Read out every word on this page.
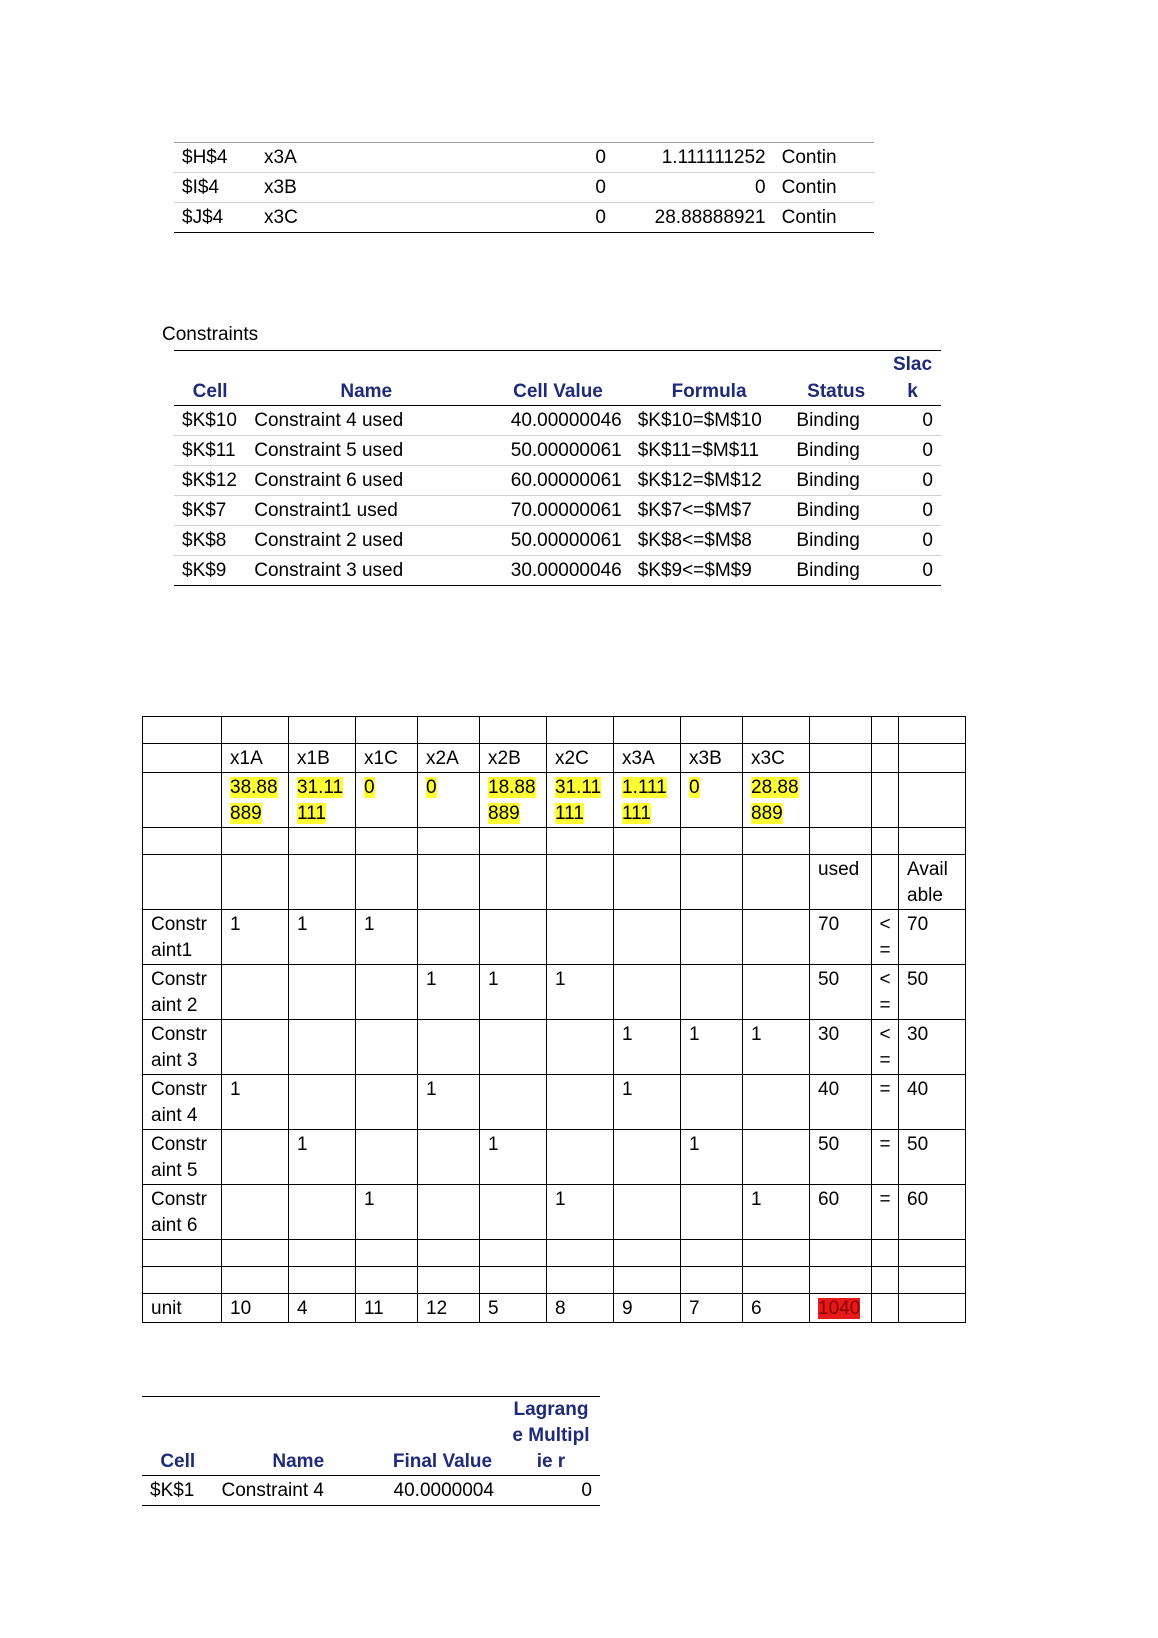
$H$4	x3A	0	1.111111252	Contin
$I$4	x3B	0	0	Contin
$J$4	x3C	0	28.88888921	Contin
Constraints
Cell	Name	Cell Value	Formula	Status	Slac k
$K$10	Constraint 4 used	40.00000046	$K$10=$M$10	Binding	0
$K$11	Constraint 5 used	50.00000061	$K$11=$M$11	Binding	0
$K$12	Constraint 6 used	60.00000061	$K$12=$M$12	Binding	0
$K$7	Constraint1 used	70.00000061	$K$7<=$M$7	Binding	0
$K$8	Constraint 2 used	50.00000061	$K$8<=$M$8	Binding	0
$K$9	Constraint 3 used	30.00000046	$K$9<=$M$9	Binding	0

	x1A	x1B	x1C	x2A	x2B	x2C	x3A	x3B	x3C			
	38.88 889	31.11 111	0	0	18.88 889	31.11 111	1.111 111	0	28.88 889			

										used		Avail able
Constr aint1	1	1	1							70	< =	70
Constr aint 2				1	1	1				50	< =	50
Constr aint 3							1	1	1	30	< =	30
Constr aint 4	1			1			1			40	=	40
Constr aint 5		1			1			1		50	=	50
Constr aint 6			1			1			1	60	=	60

unit	10	4	11	12	5	8	9	7	6	1040		
Cell	Name	Final Value	Lagrange Multiplie r
$K$1	Constraint 4	40.0000004	0
